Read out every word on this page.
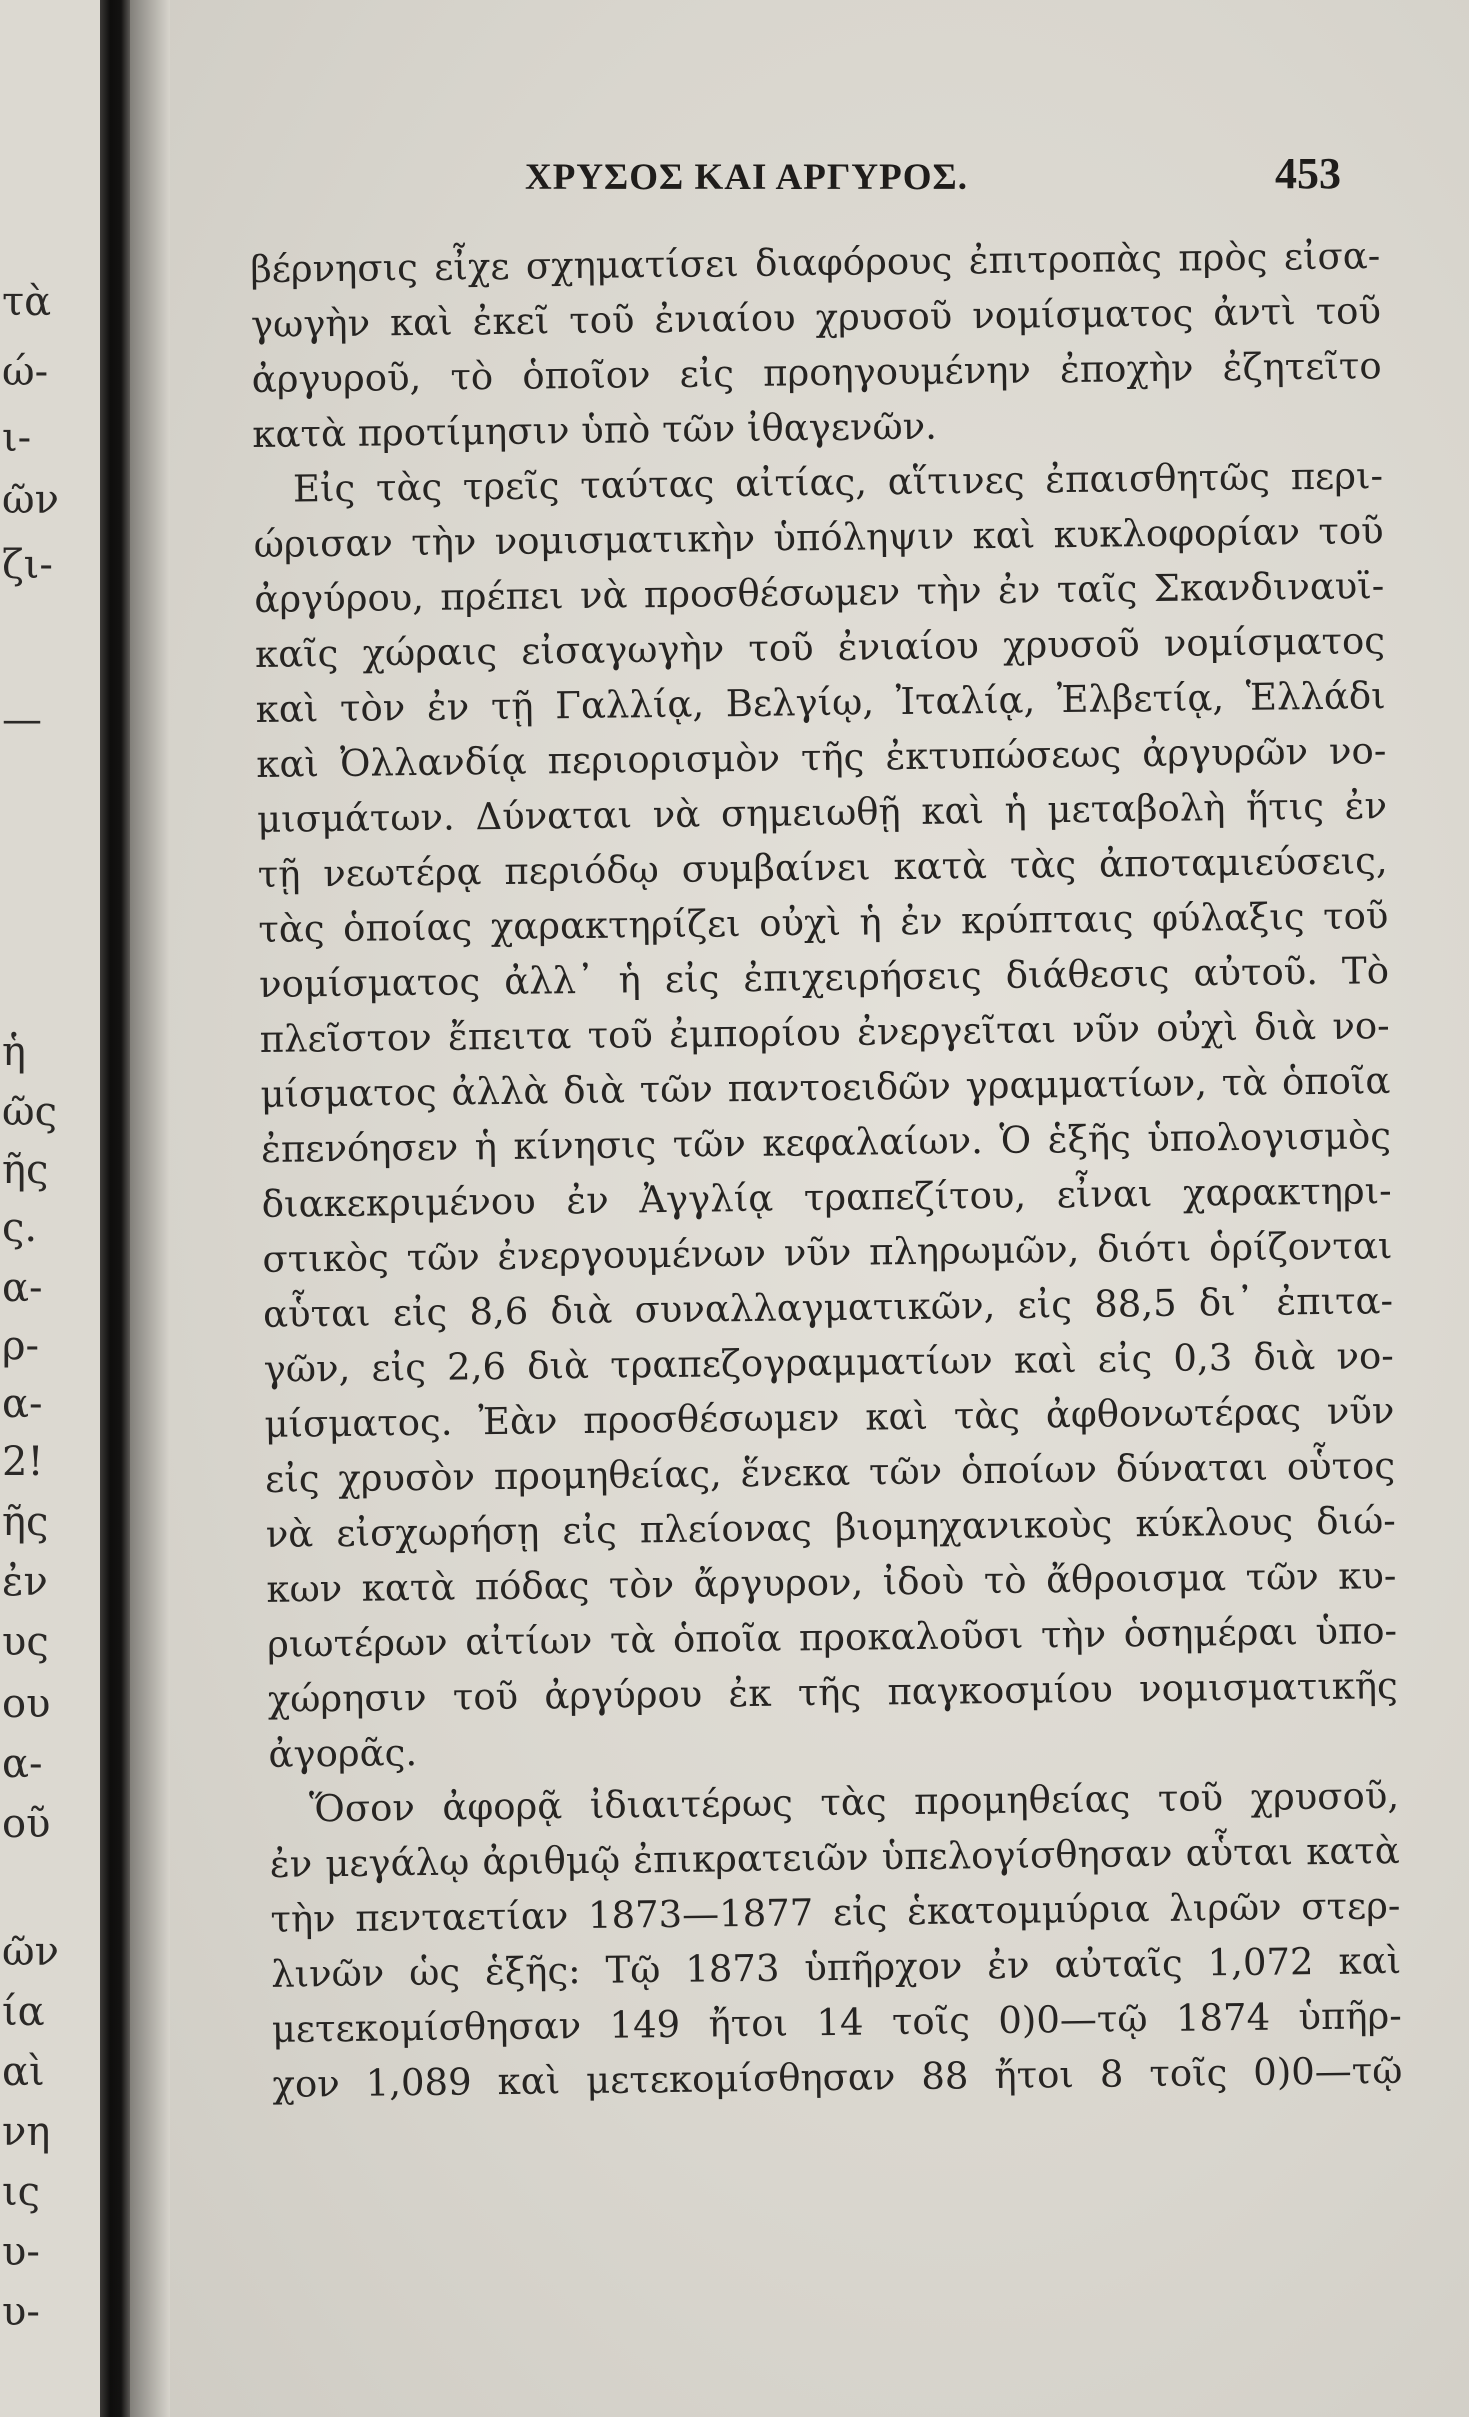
τὰ
ώ-
ι-
ῶν
ζι-
—
ἡ
ῶς
ῆς
ς.
α-
ρ-
α-
2!
ῆς
ἐν
υς
ου
α-
οῦ
ῶν
ία
αὶ
νη
ις
υ-
υ-
ΧΡΥΣΟΣ ΚΑΙ ΑΡΓΥΡΟΣ.	453
βέρνησις εἶχε σχηματίσει διαφόρους ἐπιτροπὰς πρὸς εἰσα-
γωγὴν καὶ ἐκεῖ τοῦ ἐνιαίου χρυσοῦ νομίσματος ἀντὶ τοῦ
ἀργυροῦ, τὸ ὁποῖον εἰς προηγουμένην ἐποχὴν ἐζητεῖτο
κατὰ προτίμησιν ὑπὸ τῶν ἰθαγενῶν.
Εἰς τὰς τρεῖς ταύτας αἰτίας, αἵτινες ἐπαισθητῶς περι-
ώρισαν τὴν νομισματικὴν ὑπόληψιν καὶ κυκλοφορίαν τοῦ
ἀργύρου, πρέπει νὰ προσθέσωμεν τὴν ἐν ταῖς Σκανδιναυϊ-
καῖς χώραις εἰσαγωγὴν τοῦ ἐνιαίου χρυσοῦ νομίσματος
καὶ τὸν ἐν τῇ Γαλλίᾳ, Βελγίῳ, Ἰταλίᾳ, Ἐλβετίᾳ, Ἑλλάδι
καὶ Ὀλλανδίᾳ περιορισμὸν τῆς ἐκτυπώσεως ἀργυρῶν νο-
μισμάτων. Δύναται νὰ σημειωθῇ καὶ ἡ μεταβολὴ ἥτις ἐν
τῇ νεωτέρᾳ περιόδῳ συμβαίνει κατὰ τὰς ἀποταμιεύσεις,
τὰς ὁποίας χαρακτηρίζει οὐχὶ ἡ ἐν κρύπταις φύλαξις τοῦ
νομίσματος ἀλλ᾽ ἡ εἰς ἐπιχειρήσεις διάθεσις αὐτοῦ. Τὸ
πλεῖστον ἔπειτα τοῦ ἐμπορίου ἐνεργεῖται νῦν οὐχὶ διὰ νο-
μίσματος ἀλλὰ διὰ τῶν παντοειδῶν γραμματίων, τὰ ὁποῖα
ἐπενόησεν ἡ κίνησις τῶν κεφαλαίων. Ὁ ἑξῆς ὑπολογισμὸς
διακεκριμένου ἐν Ἀγγλίᾳ τραπεζίτου, εἶναι χαρακτηρι-
στικὸς τῶν ἐνεργουμένων νῦν πληρωμῶν, διότι ὁρίζονται
αὗται εἰς 8,6 διὰ συναλλαγματικῶν, εἰς 88,5 δι᾽ ἐπιτα-
γῶν, εἰς 2,6 διὰ τραπεζογραμματίων καὶ εἰς 0,3 διὰ νο-
μίσματος. Ἐὰν προσθέσωμεν καὶ τὰς ἀφθονωτέρας νῦν
εἰς χρυσὸν προμηθείας, ἕνεκα τῶν ὁποίων δύναται οὗτος
νὰ εἰσχωρήσῃ εἰς πλείονας βιομηχανικοὺς κύκλους διώ-
κων κατὰ πόδας τὸν ἄργυρον, ἰδοὺ τὸ ἄθροισμα τῶν κυ-
ριωτέρων αἰτίων τὰ ὁποῖα προκαλοῦσι τὴν ὁσημέραι ὑπο-
χώρησιν τοῦ ἀργύρου ἐκ τῆς παγκοσμίου νομισματικῆς
ἀγορᾶς.
Ὅσον ἀφορᾷ ἰδιαιτέρως τὰς προμηθείας τοῦ χρυσοῦ,
ἐν μεγάλῳ ἀριθμῷ ἐπικρατειῶν ὑπελογίσθησαν αὗται κατὰ
τὴν πενταετίαν 1873—1877 εἰς ἑκατομμύρια λιρῶν στερ-
λινῶν ὡς ἑξῆς: Τῷ 1873 ὑπῆρχον ἐν αὐταῖς 1,072 καὶ
μετεκομίσθησαν 149 ἤτοι 14 τοῖς 0)0—τῷ 1874 ὑπῆρ-
χον 1,089 καὶ μετεκομίσθησαν 88 ἤτοι 8 τοῖς 0)0—τῷ
